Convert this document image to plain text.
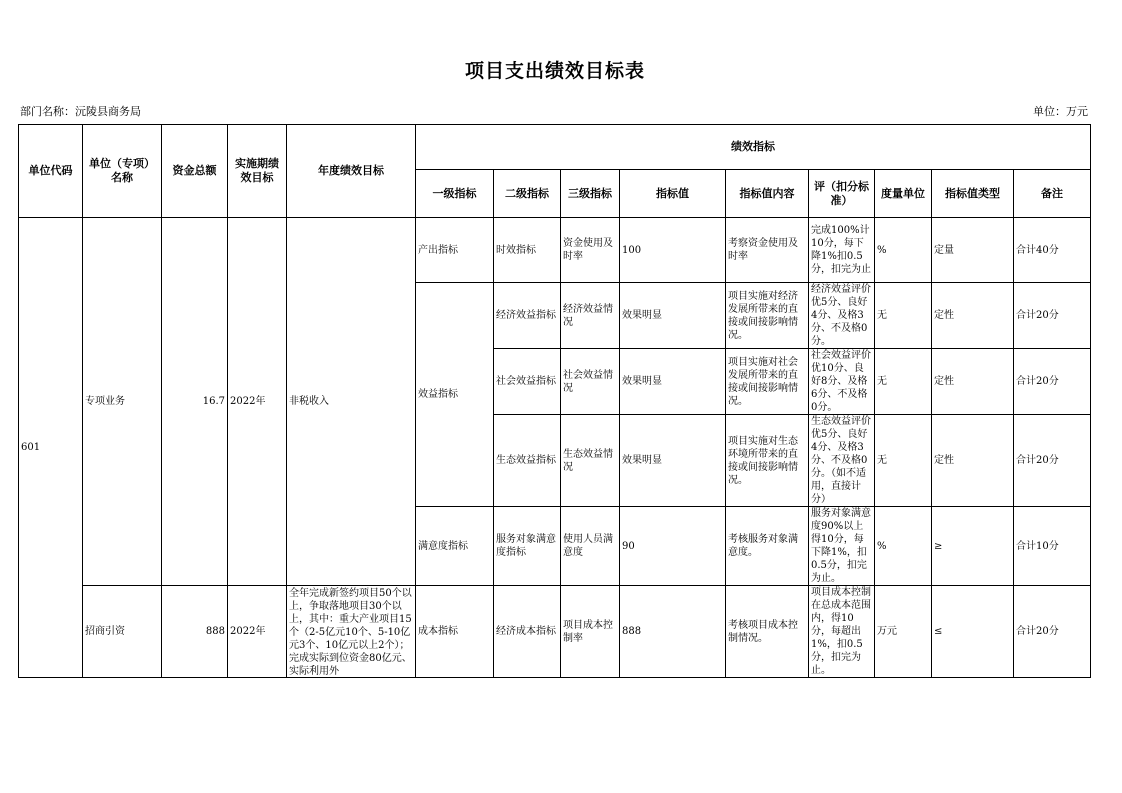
项目支出绩效目标表
部门名称：沅陵县商务局	单位：万元
单位代码	单位（专项）名称	资金总额	实施期绩效目标	年度绩效目标	绩效指标								
					一级指标	二级指标	三级指标	指标值	指标值内容	评（扣分标准）	度量单位	指标值类型	备注
601	专项业务	16.7	2022年	非税收入	产出指标	时效指标	资金使用及时率	100	考察资金使用及时率	完成100%计10分，每下降1%扣0.5分，扣完为止	%	定量	合计40分
					效益指标	经济效益指标	经济效益情况	效果明显	项目实施对经济发展所带来的直接或间接影响情况。	经济效益评价优5分、良好4分、及格3分、不及格0分。	无	定性	合计20分
						社会效益指标	社会效益情况	效果明显	项目实施对社会发展所带来的直接或间接影响情况。	社会效益评价优10分、良好8分、及格6分、不及格0分。	无	定性	合计20分
						生态效益指标	生态效益情况	效果明显	项目实施对生态环境所带来的直接或间接影响情况。	生态效益评价优5分、良好4分、及格3分、不及格0分。（如不适用，直接计分）	无	定性	合计20分
					满意度指标	服务对象满意度指标	使用人员满意度	90	考核服务对象满意度。	服务对象满意度90%以上得10分，每下降1%，扣0.5分，扣完为止。	%	≥	合计10分
	招商引资	888	2022年	全年完成新签约项目50个以上，争取落地项目30个以上，其中：重大产业项目15个（2-5亿元10个、5-10亿元3个、10亿元以上2个）；完成实际到位资金80亿元、实际利用外	成本指标	经济成本指标	项目成本控制率	888	考核项目成本控制情况。	项目成本控制在总成本范围内，得10分，每超出1%，扣0.5分，扣完为止。	万元	≤	合计20分
